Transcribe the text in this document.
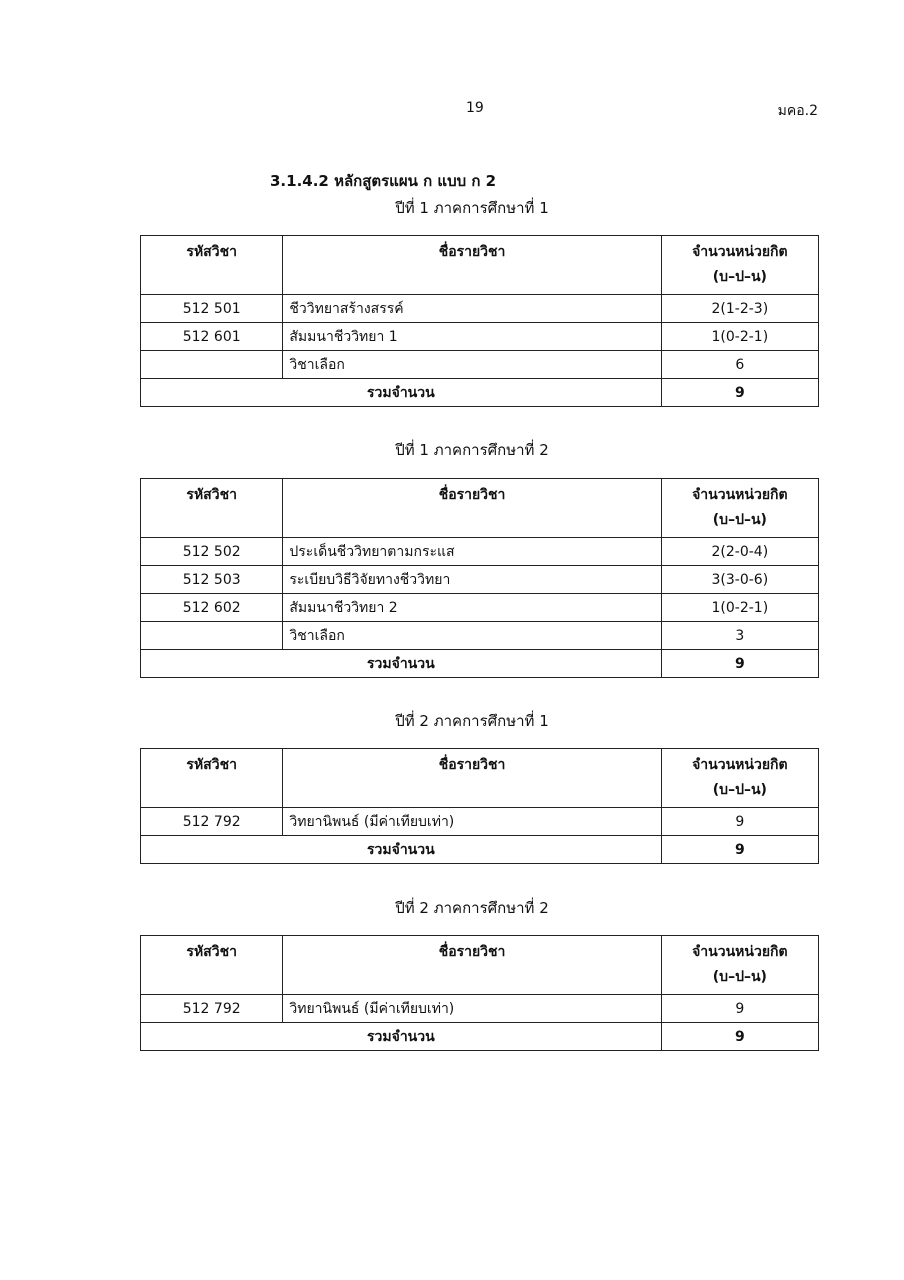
19	มคอ.2
3.1.4.2 หลักสูตรแผน ก แบบ ก 2
ปีที่ 1 ภาคการศึกษาที่ 1
รหัสวิชา	ชื่อรายวิชา	จำนวนหน่วยกิต
(บ–ป–น)

512 501	ชีววิทยาสร้างสรรค์	2(1-2-3)
512 601	สัมมนาชีววิทยา 1	1(0-2-1)
	วิชาเลือก	6
รวมจำนวน		9
ปีที่ 1 ภาคการศึกษาที่ 2
รหัสวิชา	ชื่อรายวิชา	จำนวนหน่วยกิต
(บ–ป–น)

512 502	ประเด็นชีววิทยาตามกระแส	2(2-0-4)
512 503	ระเบียบวิธีวิจัยทางชีววิทยา	3(3-0-6)
512 602	สัมมนาชีววิทยา 2	1(0-2-1)
	วิชาเลือก	3
รวมจำนวน		9
ปีที่ 2 ภาคการศึกษาที่ 1
รหัสวิชา	ชื่อรายวิชา	จำนวนหน่วยกิต
(บ–ป–น)

512 792	วิทยานิพนธ์ (มีค่าเทียบเท่า)	9
รวมจำนวน		9
ปีที่ 2 ภาคการศึกษาที่ 2
รหัสวิชา	ชื่อรายวิชา	จำนวนหน่วยกิต
(บ–ป–น)

512 792	วิทยานิพนธ์ (มีค่าเทียบเท่า)	9
รวมจำนวน		9
